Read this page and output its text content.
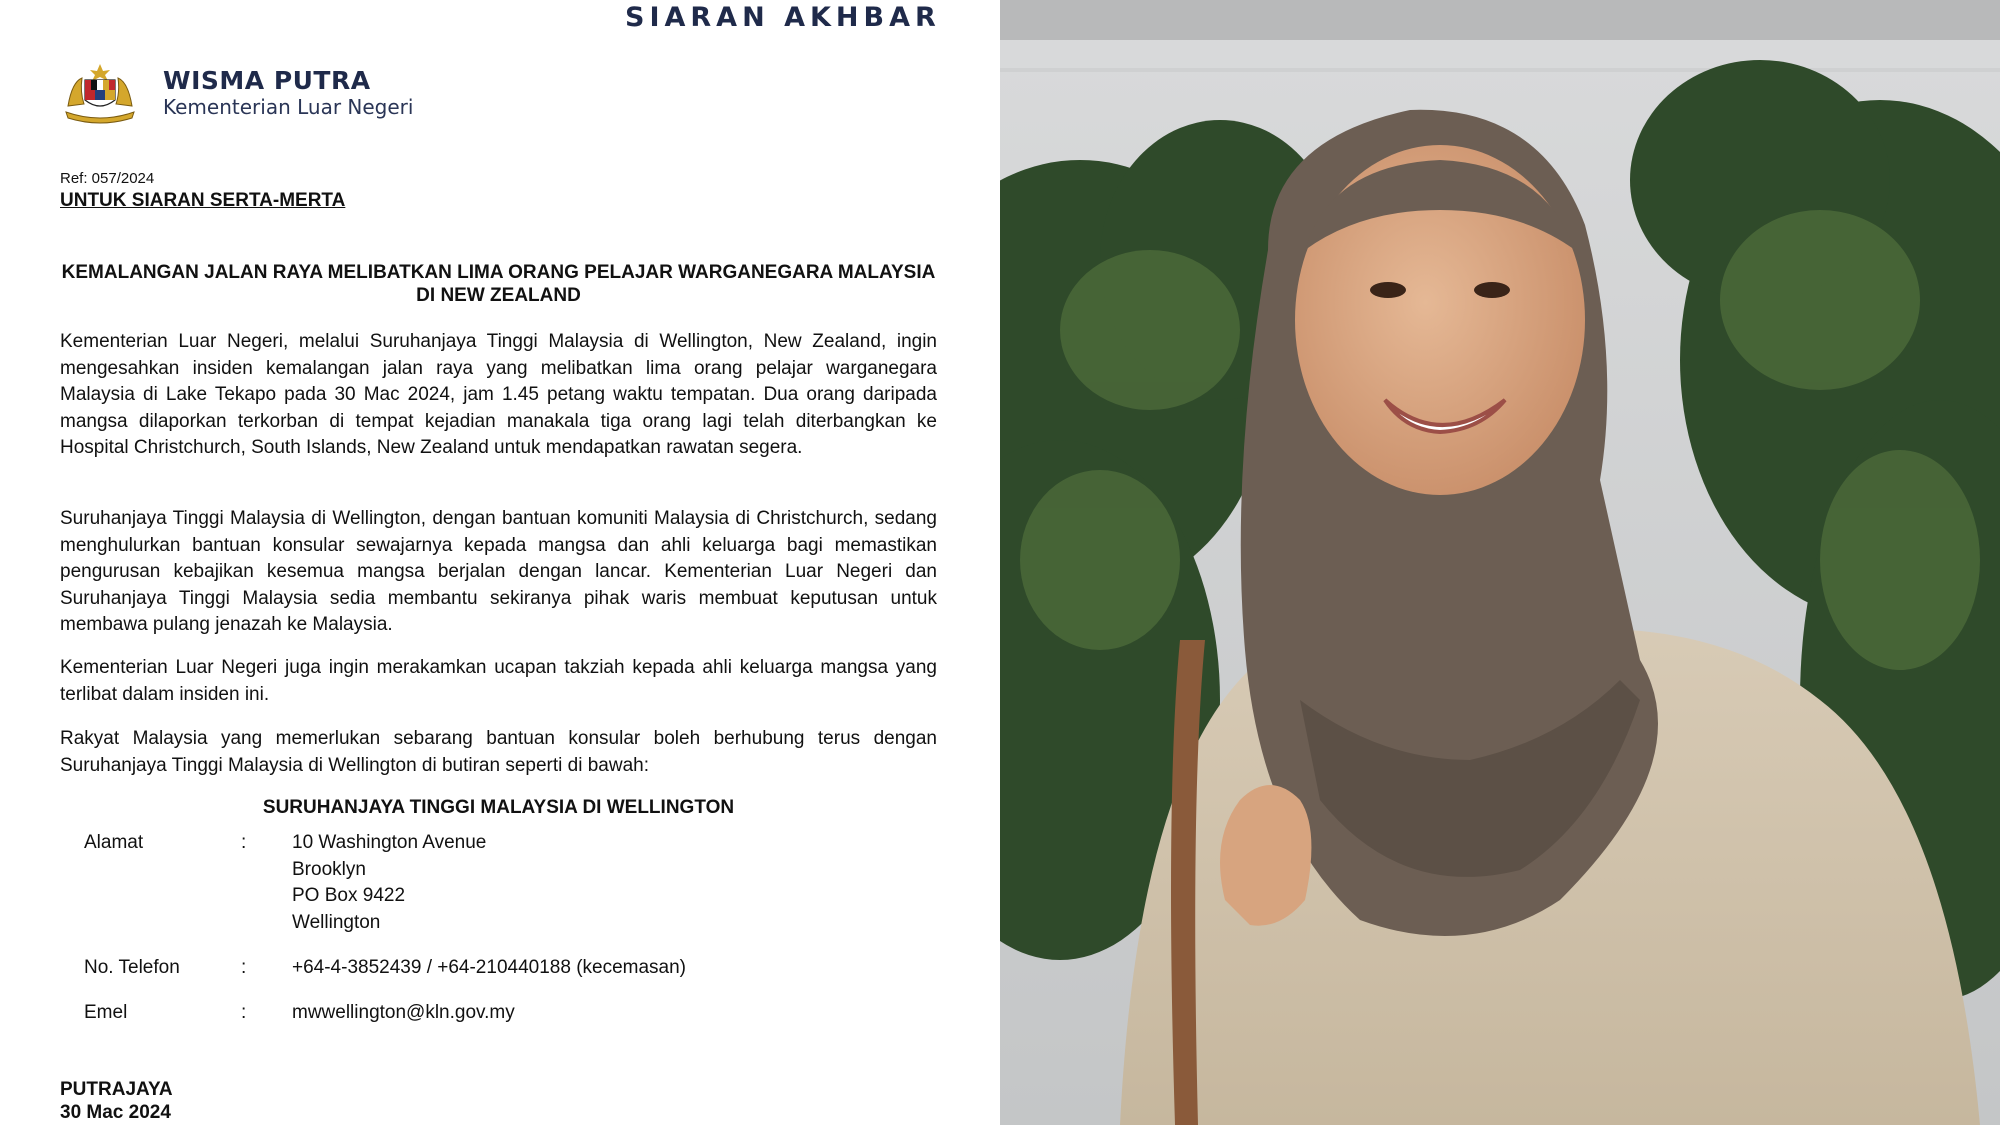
SIARAN AKHBAR
WISMA PUTRA
Kementerian Luar Negeri
Ref: 057/2024
UNTUK SIARAN SERTA-MERTA
KEMALANGAN JALAN RAYA MELIBATKAN LIMA ORANG PELAJAR WARGANEGARA MALAYSIA DI NEW ZEALAND

Kementerian Luar Negeri, melalui Suruhanjaya Tinggi Malaysia di Wellington, New Zealand, ingin mengesahkan insiden kemalangan jalan raya yang melibatkan lima orang pelajar warganegara Malaysia di Lake Tekapo pada 30 Mac 2024, jam 1.45 petang waktu tempatan. Dua orang daripada mangsa dilaporkan terkorban di tempat kejadian manakala tiga orang lagi telah diterbangkan ke Hospital Christchurch, South Islands, New Zealand untuk mendapatkan rawatan segera.

Suruhanjaya Tinggi Malaysia di Wellington, dengan bantuan komuniti Malaysia di Christchurch, sedang menghulurkan bantuan konsular sewajarnya kepada mangsa dan ahli keluarga bagi memastikan pengurusan kebajikan kesemua mangsa berjalan dengan lancar. Kementerian Luar Negeri dan Suruhanjaya Tinggi Malaysia sedia membantu sekiranya pihak waris membuat keputusan untuk membawa pulang jenazah ke Malaysia.

Kementerian Luar Negeri juga ingin merakamkan ucapan takziah kepada ahli keluarga mangsa yang terlibat dalam insiden ini.

Rakyat Malaysia yang memerlukan sebarang bantuan konsular boleh berhubung terus dengan Suruhanjaya Tinggi Malaysia di Wellington di butiran seperti di bawah:

SURUHANJAYA TINGGI MALAYSIA DI WELLINGTON
Alamat	: 10 Washington Avenue
Brooklyn
PO Box 9422
Wellington
No. Telefon	: +64-4-3852439 / +64-210440188 (kecemasan)
Emel	: mwwellington@kln.gov.my
PUTRAJAYA
30 Mac 2024
